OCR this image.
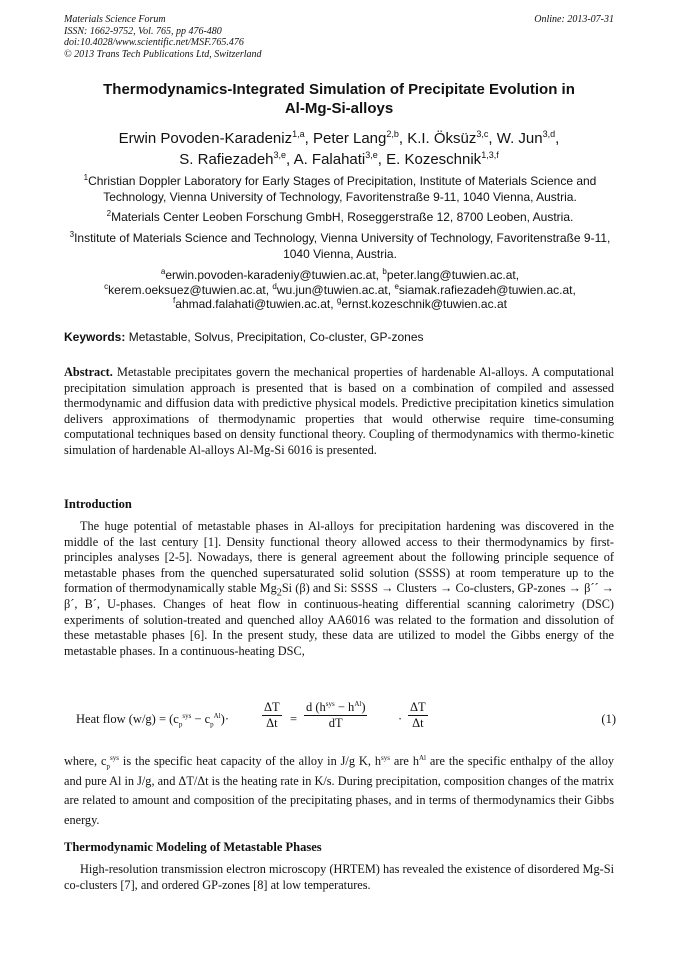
Materials Science Forum
ISSN: 1662-9752, Vol. 765, pp 476-480
doi:10.4028/www.scientific.net/MSF.765.476
© 2013 Trans Tech Publications Ltd, Switzerland
Online: 2013-07-31
Thermodynamics-Integrated Simulation of Precipitate Evolution in
Al-Mg-Si-alloys
Erwin Povoden-Karadeniz$^{1,a}$, Peter Lang$^{2,b}$, K.I. Öksüz$^{3,c}$, W. Jun$^{3,d}$,
S. Rafiezadeh$^{3,e}$, A. Falahati$^{3,e}$, E. Kozeschnik$^{1,3,f}$
$^1$Christian Doppler Laboratory for Early Stages of Precipitation, Institute of Materials Science and Technology, Vienna University of Technology, Favoritenstraße 9-11, 1040 Vienna, Austria.
$^2$Materials Center Leoben Forschung GmbH, Roseggerstraße 12, 8700 Leoben, Austria.
$^3$Institute of Materials Science and Technology, Vienna University of Technology, Favoritenstraße 9-11, 1040 Vienna, Austria.
$^a$erwin.povoden-karadeniy@tuwien.ac.at, $^b$peter.lang@tuwien.ac.at,
$^c$kerem.oeksuez@tuwien.ac.at, $^d$wu.jun@tuwien.ac.at, $^e$siamak.rafiezadeh@tuwien.ac.at,
$^f$ahmad.falahati@tuwien.ac.at, $^g$ernst.kozeschnik@tuwien.ac.at
Keywords: Metastable, Solvus, Precipitation, Co-cluster, GP-zones
Abstract. Metastable precipitates govern the mechanical properties of hardenable Al-alloys. A computational precipitation simulation approach is presented that is based on a combination of compiled and assessed thermodynamic and diffusion data with predictive physical models. Predictive precipitation kinetics simulation delivers approximations of thermodynamic properties that would otherwise require time-consuming computational techniques based on density functional theory. Coupling of thermodynamics with thermo-kinetic simulation of hardenable Al-alloys Al-Mg-Si 6016 is presented.
Introduction
The huge potential of metastable phases in Al-alloys for precipitation hardening was discovered in the middle of the last century [1]. Density functional theory allowed access to their thermodynamics by first-principles analyses [2-5]. Nowadays, there is general agreement about the following principle sequence of metastable phases from the quenched supersaturated solid solution (SSSS) at room temperature up to the formation of thermodynamically stable $Mg_2Si$ (β) and Si: SSSS → Clusters → Co-clusters, GP-zones → β´´ → β´, B´, U-phases. Changes of heat flow in continuous-heating differential scanning calorimetry (DSC) experiments of solution-treated and quenched alloy AA6016 was related to the formation and dissolution of these metastable phases [6]. In the present study, these data are utilized to model the Gibbs energy of the metastable phases. In a continuous-heating DSC,
Heat flow $(w/g) = (c_p^{sys} - c_p^{Al})\cdot$	$\frac{\Delta T}{\Delta t}$ =
d $(h^{sys} - h^{Al})$
dT	· $\frac{\Delta T}{\Delta t}$	(1)
where, $c_p^{sys}$ is the specific heat capacity of the alloy in J/g K, $h^{sys}$ are $h^{Al}$ are the specific enthalpy of the alloy and pure Al in J/g, and ΔT/Δt is the heating rate in K/s. During precipitation, composition changes of the matrix are related to amount and composition of the precipitating phases, and in terms of thermodynamics their Gibbs energy.
Thermodynamic Modeling of Metastable Phases
High-resolution transmission electron microscopy (HRTEM) has revealed the existence of disordered Mg-Si co-clusters [7], and ordered GP-zones [8] at low temperatures.
